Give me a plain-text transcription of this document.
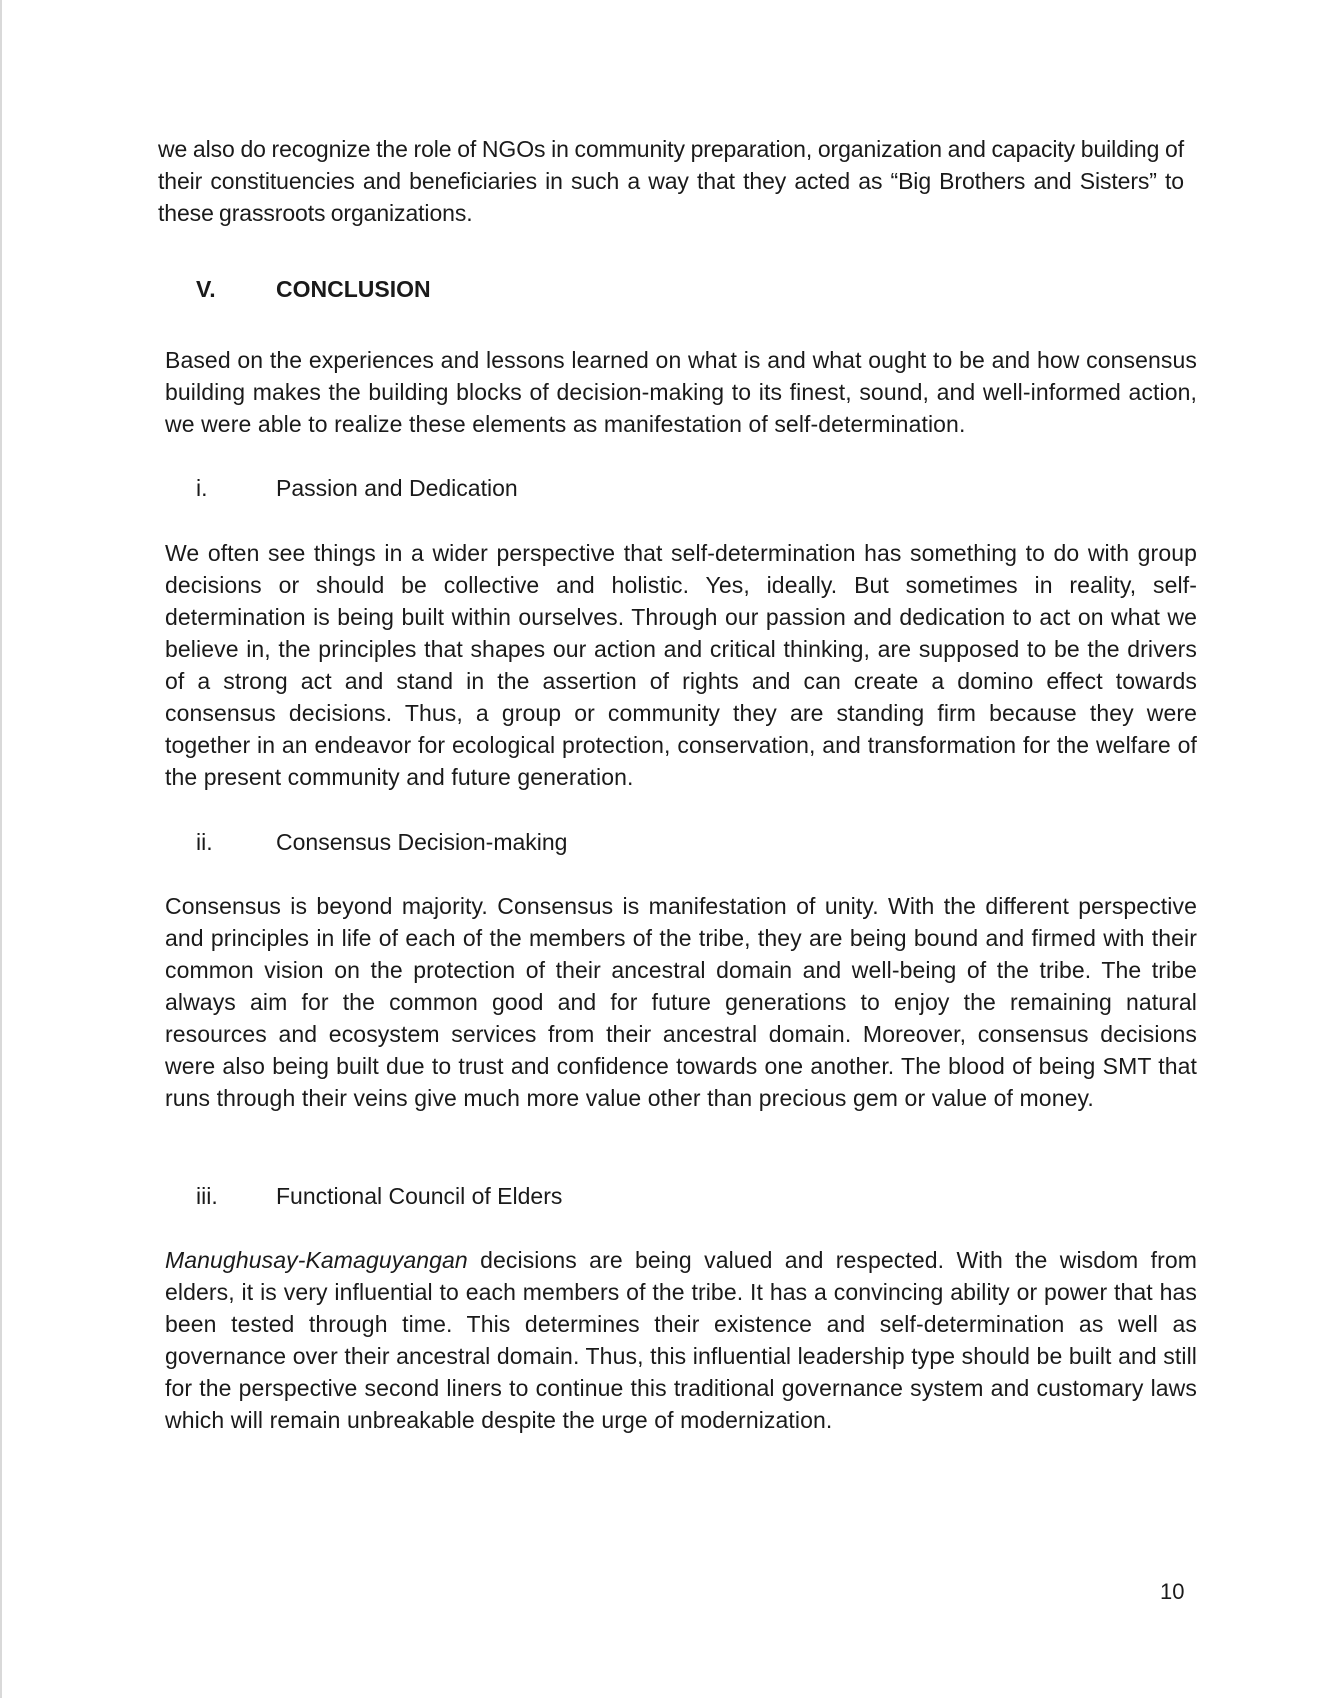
we also do recognize the role of NGOs in community preparation, organization and capacity building of their constituencies and beneficiaries in such a way that they acted as “Big Brothers and Sisters” to these grassroots organizations.

V.	CONCLUSION

Based on the experiences and lessons learned on what is and what ought to be and how consensus building makes the building blocks of decision-making to its finest, sound, and well-informed action, we were able to realize these elements as manifestation of self-determination.

i.	Passion and Dedication

We often see things in a wider perspective that self-determination has something to do with group decisions or should be collective and holistic. Yes, ideally. But sometimes in reality, self-determination is being built within ourselves. Through our passion and dedication to act on what we believe in, the principles that shapes our action and critical thinking, are supposed to be the drivers of a strong act and stand in the assertion of rights and can create a domino effect towards consensus decisions. Thus, a group or community they are standing firm because they were together in an endeavor for ecological protection, conservation, and transformation for the welfare of the present community and future generation.

ii.	Consensus Decision-making

Consensus is beyond majority. Consensus is manifestation of unity. With the different perspective and principles in life of each of the members of the tribe, they are being bound and firmed with their common vision on the protection of their ancestral domain and well-being of the tribe. The tribe always aim for the common good and for future generations to enjoy the remaining natural resources and ecosystem services from their ancestral domain. Moreover, consensus decisions were also being built due to trust and confidence towards one another. The blood of being SMT that runs through their veins give much more value other than precious gem or value of money.

iii.	Functional Council of Elders

Manughusay-Kamaguyangan decisions are being valued and respected. With the wisdom from elders, it is very influential to each members of the tribe. It has a convincing ability or power that has been tested through time. This determines their existence and self-determination as well as governance over their ancestral domain. Thus, this influential leadership type should be built and still for the perspective second liners to continue this traditional governance system and customary laws which will remain unbreakable despite the urge of modernization.

10
